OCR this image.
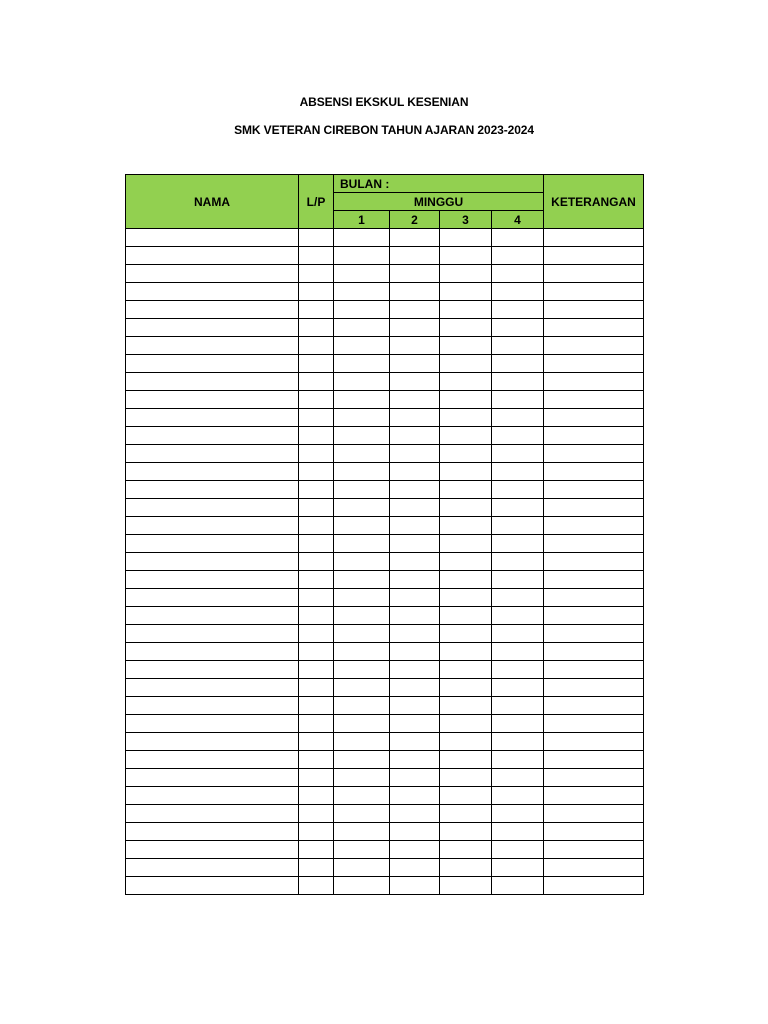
ABSENSI EKSKUL KESENIAN
SMK VETERAN CIREBON TAHUN AJARAN 2023-2024
NAMA	L/P	BULAN :				KETERANGAN
		MINGGU				
		1	2	3	4	
